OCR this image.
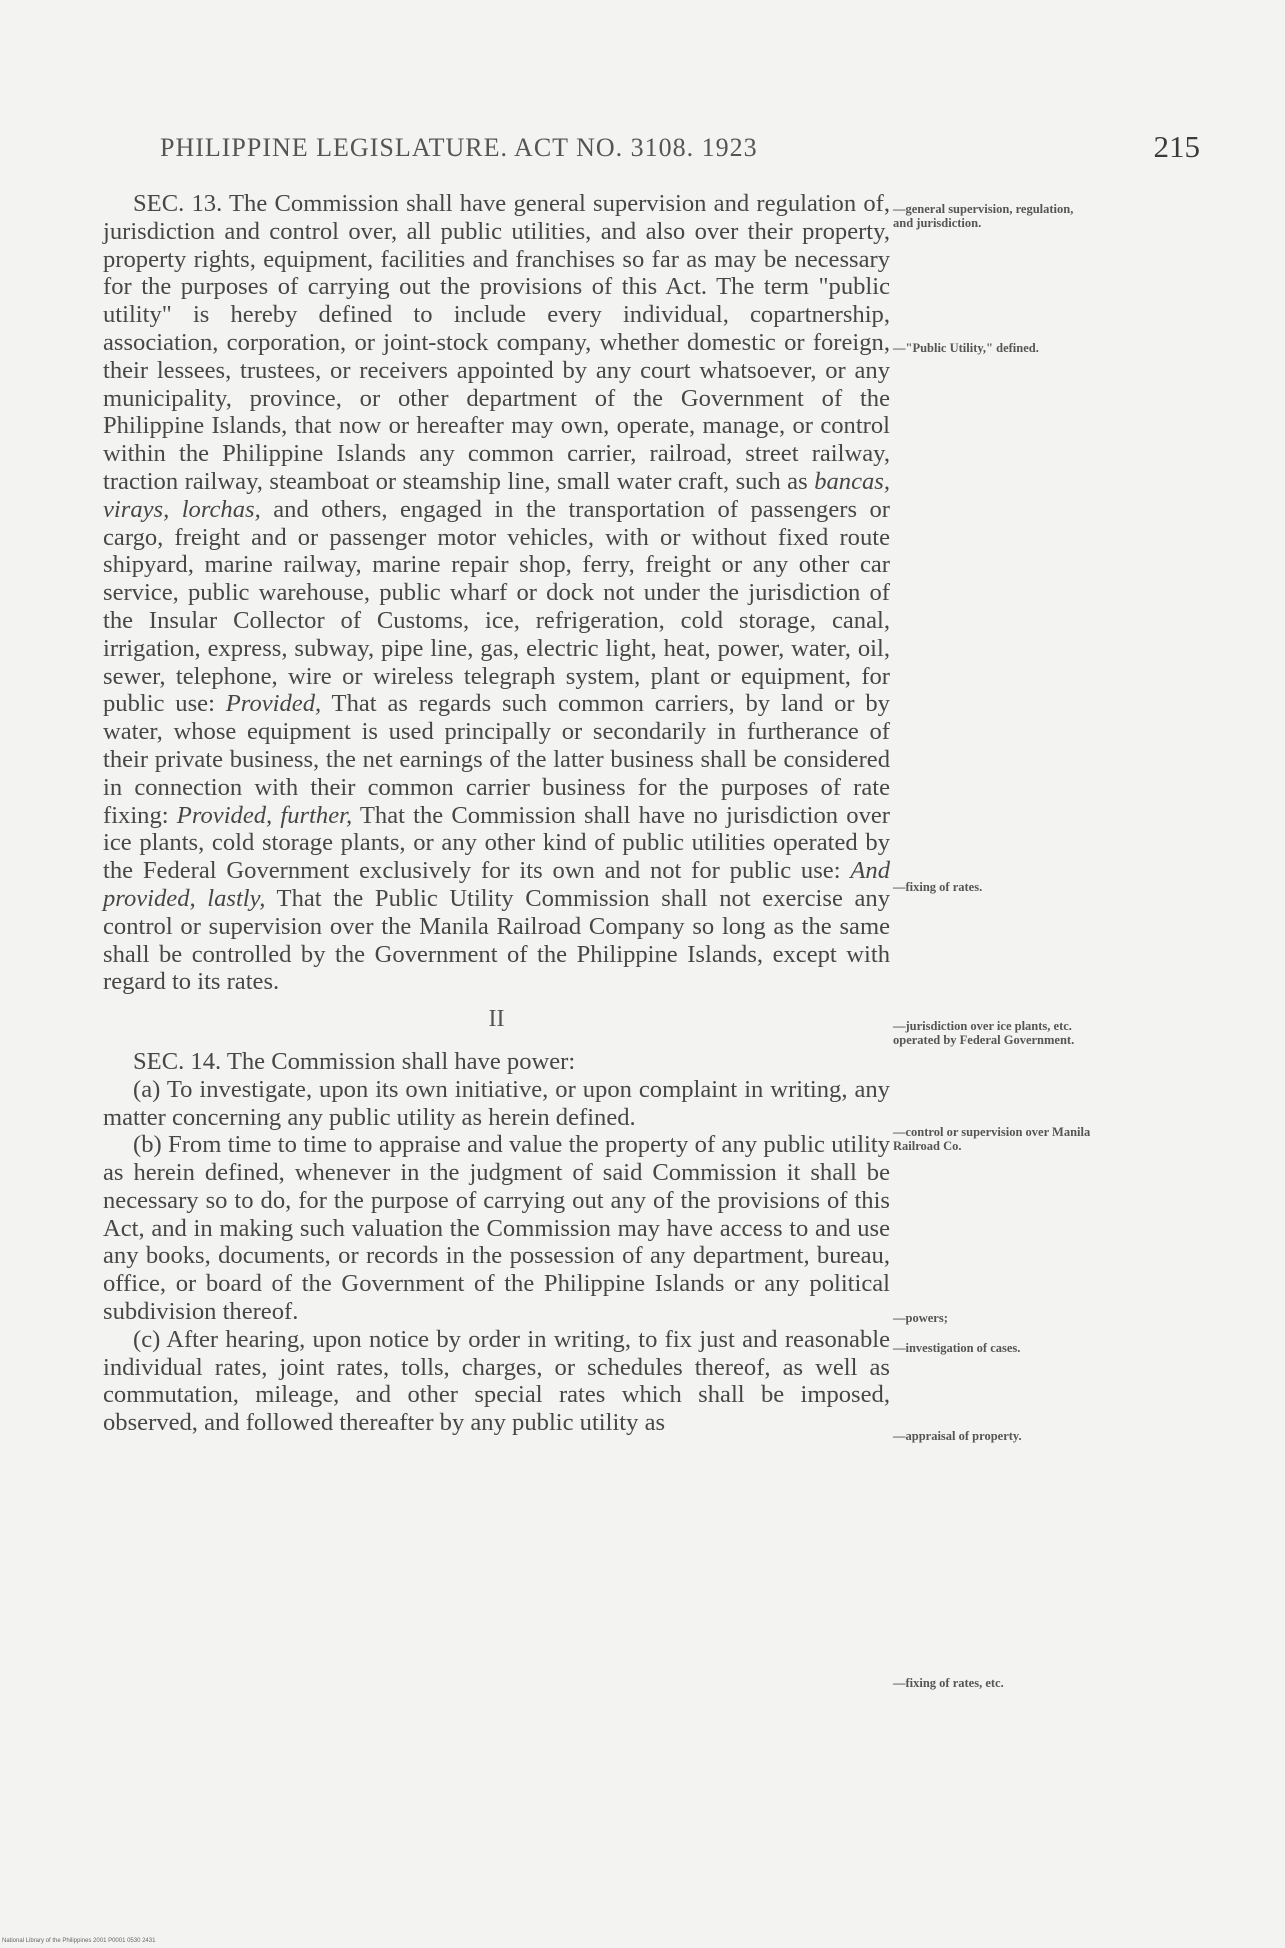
PHILIPPINE LEGISLATURE. ACT NO. 3108. 1923	215

SEC. 13. The Commission shall have general supervision and regulation of, jurisdiction and control over, all public utilities, and also over their property, property rights, equipment, facilities and franchises so far as may be necessary for the purposes of carrying out the provisions of this Act. The term "public utility" is hereby defined to include every individual, copartnership, association, corporation, or joint-stock company, whether domestic or foreign, their lessees, trustees, or receivers appointed by any court whatsoever, or any municipality, province, or other department of the Government of the Philippine Islands, that now or hereafter may own, operate, manage, or control within the Philippine Islands any common carrier, railroad, street railway, traction railway, steamboat or steamship line, small water craft, such as bancas, virays, lorchas, and others, engaged in the transportation of passengers or cargo, freight and or passenger motor vehicles, with or without fixed route shipyard, marine railway, marine repair shop, ferry, freight or any other car service, public warehouse, public wharf or dock not under the jurisdiction of the Insular Collector of Customs, ice, refrigeration, cold storage, canal, irrigation, express, subway, pipe line, gas, electric light, heat, power, water, oil, sewer, telephone, wire or wireless telegraph system, plant or equipment, for public use: Provided, That as regards such common carriers, by land or by water, whose equipment is used principally or secondarily in furtherance of their private business, the net earnings of the latter business shall be considered in connection with their common carrier business for the purposes of rate fixing: Provided, further, That the Commission shall have no jurisdiction over ice plants, cold storage plants, or any other kind of public utilities operated by the Federal Government exclusively for its own and not for public use: And provided, lastly, That the Public Utility Commission shall not exercise any control or supervision over the Manila Railroad Company so long as the same shall be controlled by the Government of the Philippine Islands, except with regard to its rates.

II

SEC. 14. The Commission shall have power:

(a) To investigate, upon its own initiative, or upon complaint in writing, any matter concerning any public utility as herein defined.

(b) From time to time to appraise and value the property of any public utility as herein defined, whenever in the judgment of said Commission it shall be necessary so to do, for the purpose of carrying out any of the provisions of this Act, and in making such valuation the Commission may have access to and use any books, documents, or records in the possession of any department, bureau, office, or board of the Government of the Philippine Islands or any political subdivision thereof.

(c) After hearing, upon notice by order in writing, to fix just and reasonable individual rates, joint rates, tolls, charges, or schedules thereof, as well as commutation, mileage, and other special rates which shall be imposed, observed, and followed thereafter by any public utility as

—general supervision, regulation, and jurisdiction.
—"Public Utility," defined.
—fixing of rates.
—jurisdiction over ice plants, etc. operated by Federal Government.
—control or supervision over Manila Railroad Co.
—powers;
—investigation of cases.
—appraisal of property.
—fixing of rates, etc.
National Library of the Philippines 2001 P0001 0530 2431
